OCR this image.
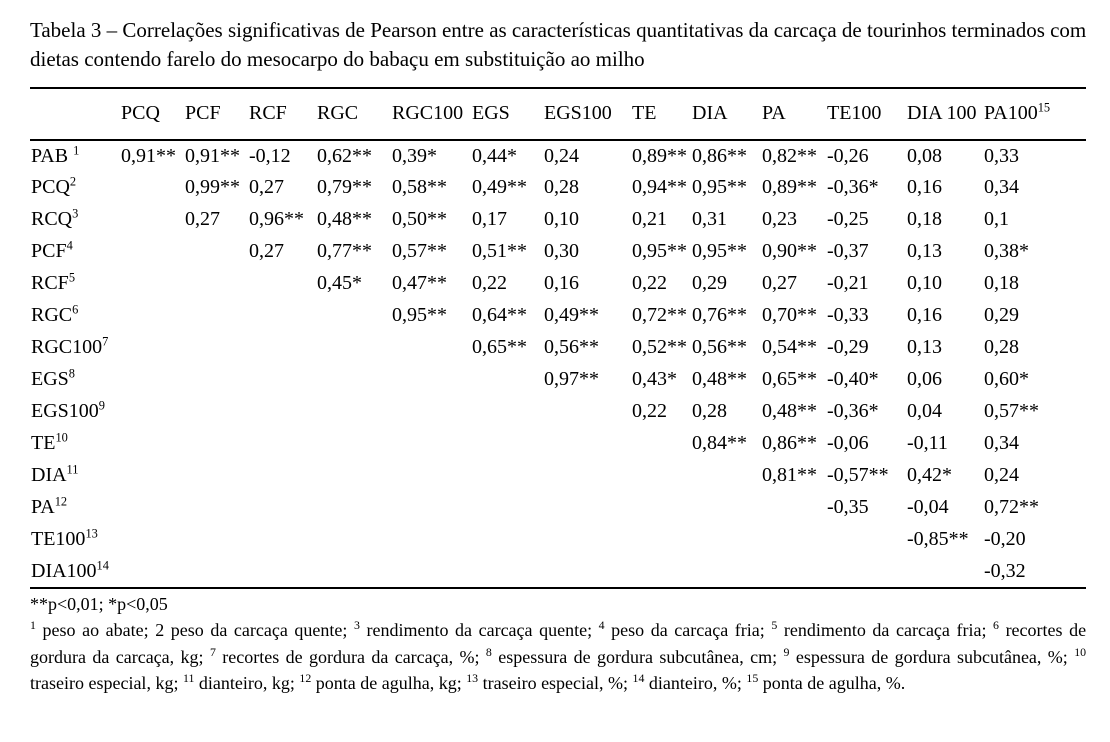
Tabela 3 – Correlações significativas de Pearson entre as características quantitativas da carcaça de tourinhos terminados com dietas contendo farelo do mesocarpo do babaçu em substituição ao milho

	PCQ	PCF	RCF	RGC	RGC100	EGS	EGS100	TE	DIA	PA	TE100	DIA 100	$PA100^{15}$
PAB $^1$	0,91**	0,91**	-0,12	0,62**	0,39*	0,44*	0,24	0,89**	0,86**	0,82**	-0,26	0,08	0,33
PCQ$^2$		0,99**	0,27	0,79**	0,58**	0,49**	0,28	0,94**	0,95**	0,89**	-0,36*	0,16	0,34
RCQ$^3$		0,27	0,96**	0,48**	0,50**	0,17	0,10	0,21	0,31	0,23	-0,25	0,18	0,1
PCF$^4$			0,27	0,77**	0,57**	0,51**	0,30	0,95**	0,95**	0,90**	-0,37	0,13	0,38*
RCF$^5$				0,45*	0,47**	0,22	0,16	0,22	0,29	0,27	-0,21	0,10	0,18
RGC$^6$					0,95**	0,64**	0,49**	0,72**	0,76**	0,70**	-0,33	0,16	0,29
$RGC100^7$						0,65**	0,56**	0,52**	0,56**	0,54**	-0,29	0,13	0,28
EGS$^8$							0,97**	0,43*	0,48**	0,65**	-0,40*	0,06	0,60*
$EGS100^9$								0,22	0,28	0,48**	-0,36*	0,04	0,57**
TE$^{10}$									0,84**	0,86**	-0,06	-0,11	0,34
DIA$^{11}$										0,81**	-0,57**	0,42*	0,24
PA$^{12}$											-0,35	-0,04	0,72**
$TE100^{13}$												-0,85**	-0,20
$DIA100^{14}$													-0,32

**p<0,01; *p<0,05

$^1$ peso ao abate; 2 peso da carcaça quente; $^3$ rendimento da carcaça quente; $^4$ peso da carcaça fria; $^5$ rendimento da carcaça fria; $^6$ recortes de gordura da carcaça, kg; $^7$ recortes de gordura da carcaça, %; $^8$ espessura de gordura subcutânea, cm; $^9$ espessura de gordura subcutânea, %; $^{10}$ traseiro especial, kg; $^{11}$ dianteiro, kg; $^{12}$ ponta de agulha, kg; $^{13}$ traseiro especial, %; $^{14}$ dianteiro, %; $^{15}$ ponta de agulha, %.
